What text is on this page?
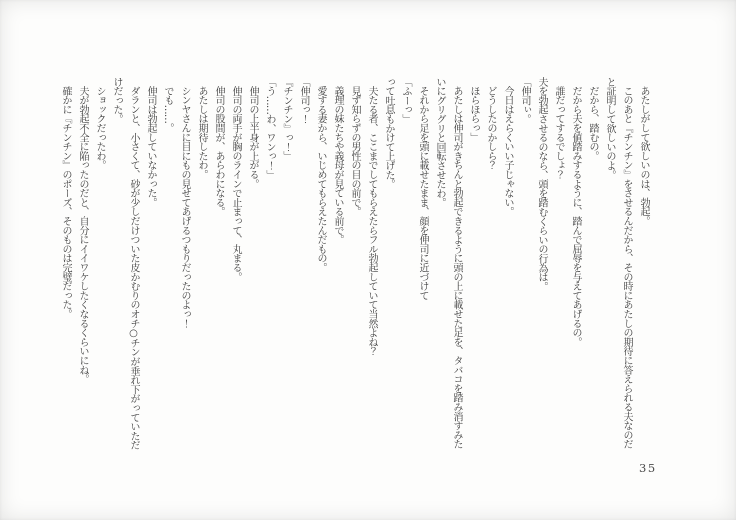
あたしがして欲しいのは、勃起。
このあと『チンチン』をさせるんだから、その時にあたしの期待に答えられる夫なのだ
と証明して欲しいのよ。
だから、踏むの。
だから夫を値踏みするように、踏んで屈辱を与えてあげるの。
誰だってするでしょ？
夫を勃起させるのなら、頭を踏むくらいの行為は。
「伸司ぃ。
今日はえらくいい子じゃない。
どうしたのかしら？
ほらほらっ」
あたしは伸司がきちんと勃起できるように頭の上に載せた足を、タバコを踏み消すみた
いにグリグリと回転させたわ。
それから足を頭に載せたまま、顔を伸司に近づけて
「ふーっ」
って吐息もかけて上げた。
夫たる者、ここまでしてもらえたらフル勃起していて当然よね？
見ず知らずの男性の目の前で。
義理の妹たちや義母が見ている前で。
愛する妻から、いじめてもらえたんだもの。
「伸司っ！
『チンチン』っ！」
「う……わ、ワンっ！」
伸司の上半身が上がる。
伸司の両手が胸のラインで止まって、丸まる。
伸司の股間が、あらわになる。
あたしは期待したわ。
シンヤさんに目にもの見せてあげるつもりだったのよっ！
でも……。
伸司は勃起していなかった。
ダランと、小さくて、砂が少しだけついた皮かむりのオチ○チンが垂れ下がっていただ
けだった。
ショックだったわ。
夫が勃起不全に陥ったのだと、自分にイイワケしたくなるくらいにね。
確かに『チンチン』のポーズ、そのものは完璧だった。
35
